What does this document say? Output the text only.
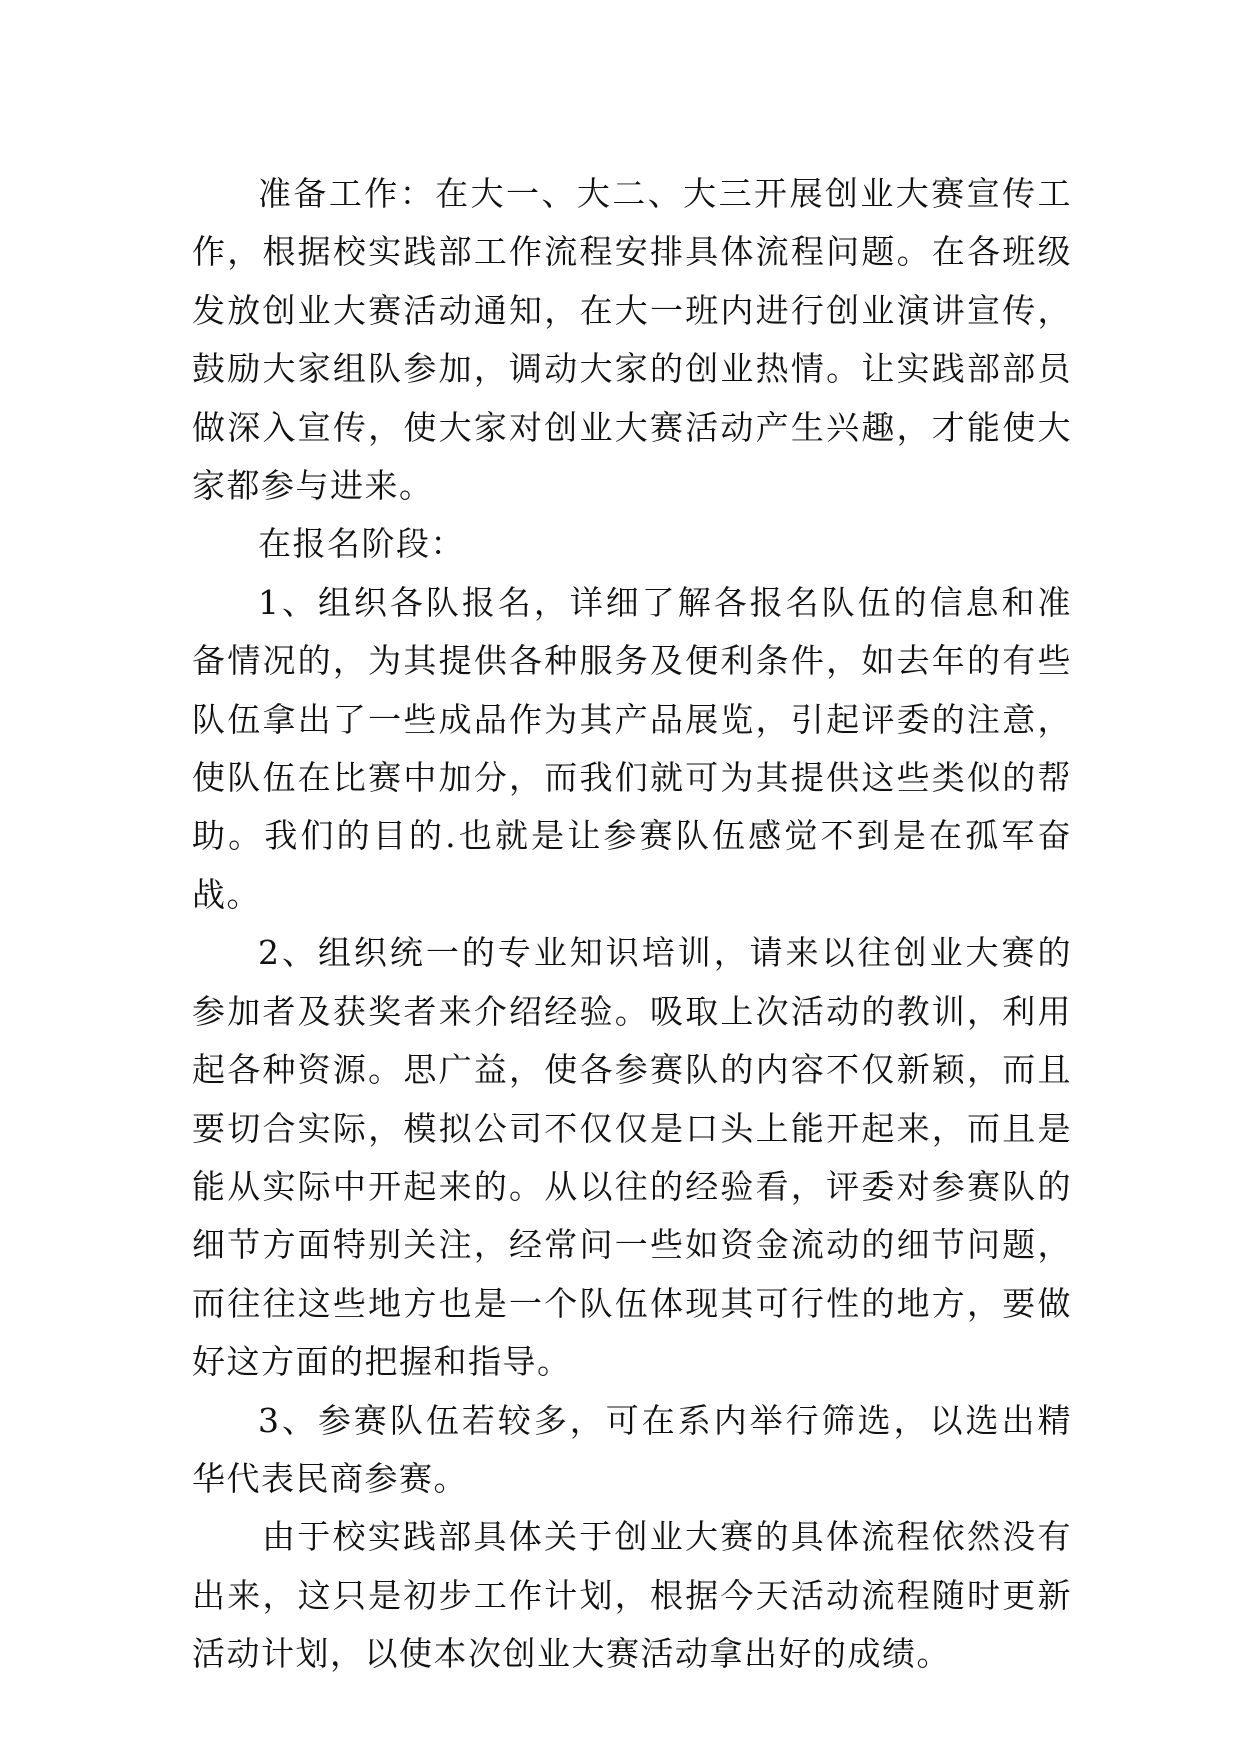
准备工作：在大一、大二、大三开展创业大赛宣传工作，根据校实践部工作流程安排具体流程问题。在各班级发放创业大赛活动通知，在大一班内进行创业演讲宣传，鼓励大家组队参加，调动大家的创业热情。让实践部部员做深入宣传，使大家对创业大赛活动产生兴趣，才能使大家都参与进来。

在报名阶段：

1、组织各队报名，详细了解各报名队伍的信息和准备情况的，为其提供各种服务及便利条件，如去年的有些队伍拿出了一些成品作为其产品展览，引起评委的注意，使队伍在比赛中加分，而我们就可为其提供这些类似的帮助。我们的目的.也就是让参赛队伍感觉不到是在孤军奋战。

2、组织统一的专业知识培训，请来以往创业大赛的参加者及获奖者来介绍经验。吸取上次活动的教训，利用起各种资源。思广益，使各参赛队的内容不仅新颖，而且要切合实际，模拟公司不仅仅是口头上能开起来，而且是能从实际中开起来的。从以往的经验看，评委对参赛队的细节方面特别关注，经常问一些如资金流动的细节问题，而往往这些地方也是一个队伍体现其可行性的地方，要做好这方面的把握和指导。

3、参赛队伍若较多，可在系内举行筛选，以选出精华代表民商参赛。

由于校实践部具体关于创业大赛的具体流程依然没有出来，这只是初步工作计划，根据今天活动流程随时更新活动计划，以使本次创业大赛活动拿出好的成绩。
